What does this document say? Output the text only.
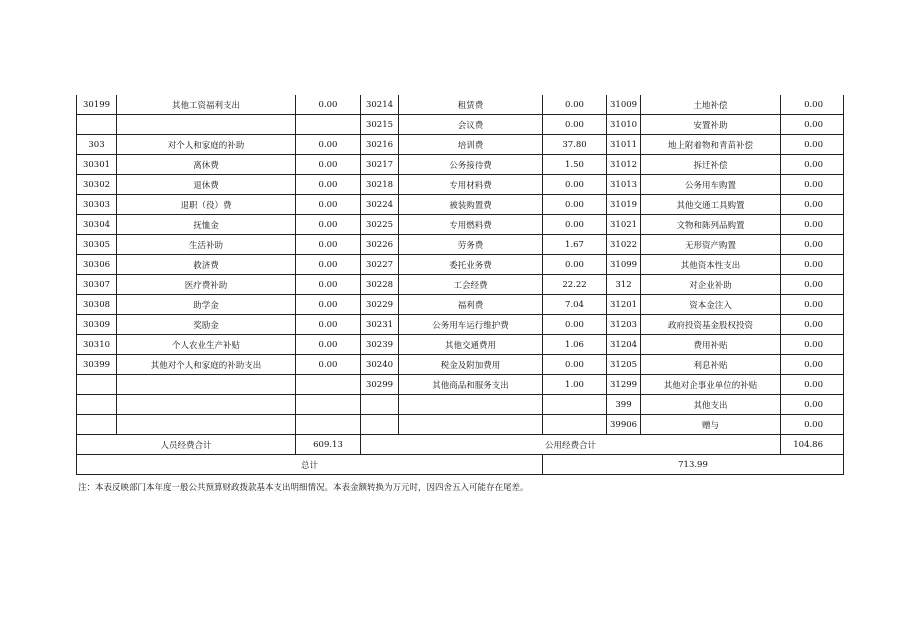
30199	其他工资福利支出	0.00	30214	租赁费	0.00	31009	土地补偿	0.00
			30215	会议费	0.00	31010	安置补助	0.00
303	对个人和家庭的补助	0.00	30216	培训费	37.80	31011	地上附着物和青苗补偿	0.00
30301	离休费	0.00	30217	公务接待费	1.50	31012	拆迁补偿	0.00
30302	退休费	0.00	30218	专用材料费	0.00	31013	公务用车购置	0.00
30303	退职（役）费	0.00	30224	被装购置费	0.00	31019	其他交通工具购置	0.00
30304	抚恤金	0.00	30225	专用燃料费	0.00	31021	文物和陈列品购置	0.00
30305	生活补助	0.00	30226	劳务费	1.67	31022	无形资产购置	0.00
30306	救济费	0.00	30227	委托业务费	0.00	31099	其他资本性支出	0.00
30307	医疗费补助	0.00	30228	工会经费	22.22	312	对企业补助	0.00
30308	助学金	0.00	30229	福利费	7.04	31201	资本金注入	0.00
30309	奖励金	0.00	30231	公务用车运行维护费	0.00	31203	政府投资基金股权投资	0.00
30310	个人农业生产补贴	0.00	30239	其他交通费用	1.06	31204	费用补贴	0.00
30399	其他对个人和家庭的补助支出	0.00	30240	税金及附加费用	0.00	31205	利息补贴	0.00
			30299	其他商品和服务支出	1.00	31299	其他对企事业单位的补贴	0.00
						399	其他支出	0.00
						39906	赠与	0.00
人员经费合计		609.13	公用经费合计					104.86
总计					713.99			
注：本表反映部门本年度一般公共预算财政拨款基本支出明细情况。本表金额转换为万元时，因四舍五入可能存在尾差。
